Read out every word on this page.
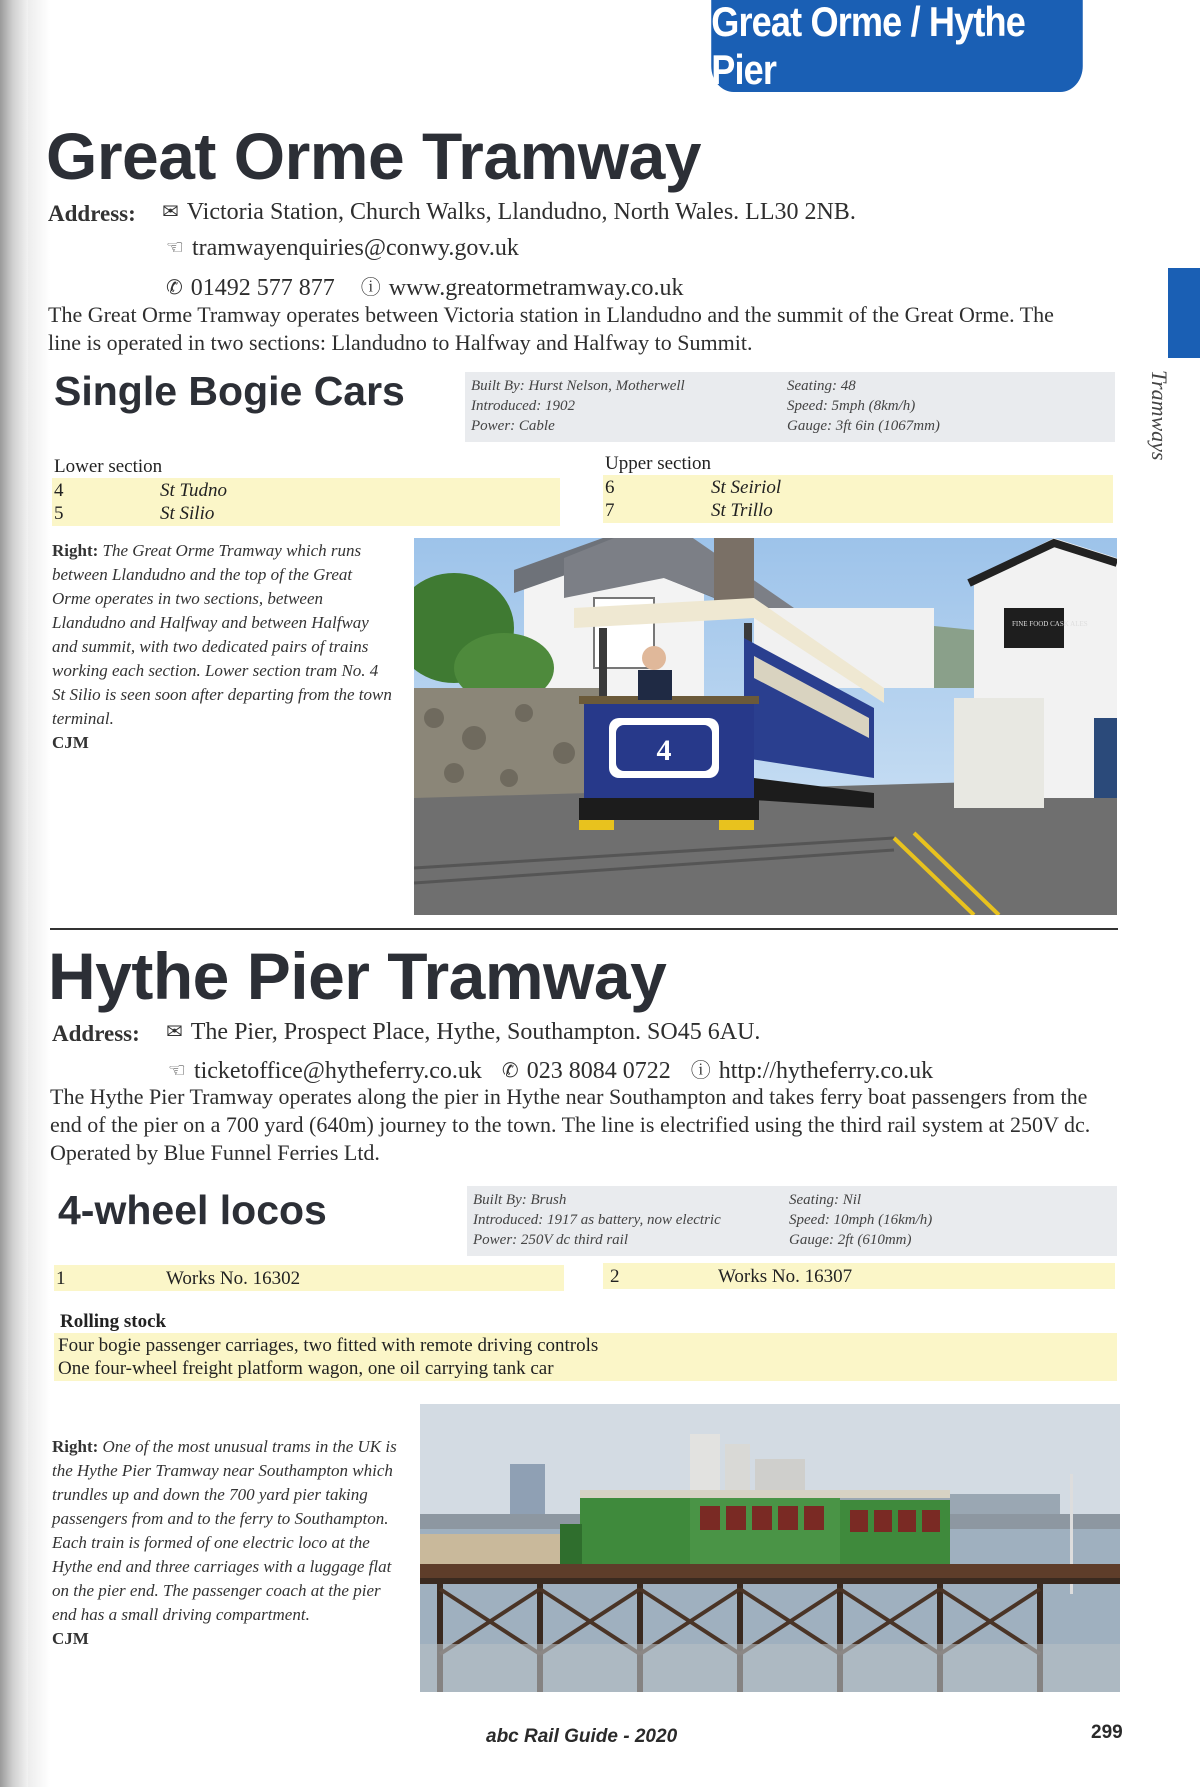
Great Orme / Hythe Pier
Tramways
Great Orme Tramway
Address: ✉ Victoria Station, Church Walks, Llandudno, North Wales. LL30 2NB.
☜ tramwayenquiries@conwy.gov.uk
✆ 01492 577 877 ⓘ www.greatormetramway.co.uk
The Great Orme Tramway operates between Victoria station in Llandudno and the summit of the Great Orme. The line is operated in two sections: Llandudno to Halfway and Halfway to Summit.
Single Bogie Cars	Built By: Hurst Nelson, Motherwell
Introduced: 1902
Power: Cable
Seating: 48
Speed: 5mph (8km/h)
Gauge: 3ft 6in (1067mm)
Lower section
4	St Tudno
5	St Silio
Upper section
6	St Seiriol
7	St Trillo
Right: The Great Orme Tramway which runs between Llandudno and the top of the Great Orme operates in two sections, between Llandudno and Halfway and between Halfway and summit, with two dedicated pairs of trains working each section. Lower section tram No. 4 St Silio is seen soon after departing from the town terminal.
CJM
FINE FOOD CASK ALES
4
Hythe Pier Tramway
Address: ✉ The Pier, Prospect Place, Hythe, Southampton. SO45 6AU.
☜ ticketoffice@hytheferry.co.uk ✆ 023 8084 0722 ⓘ http://hytheferry.co.uk
The Hythe Pier Tramway operates along the pier in Hythe near Southampton and takes ferry boat passengers from the end of the pier on a 700 yard (640m) journey to the town. The line is electrified using the third rail system at 250V dc. Operated by Blue Funnel Ferries Ltd.
4-wheel locos	Built By: Brush
Introduced: 1917 as battery, now electric
Power: 250V dc third rail
Seating: Nil
Speed: 10mph (16km/h)
Gauge: 2ft (610mm)
1	Works No. 16302	2	Works No. 16307
Rolling stock
Four bogie passenger carriages, two fitted with remote driving controls
One four-wheel freight platform wagon, one oil carrying tank car
Right: One of the most unusual trams in the UK is the Hythe Pier Tramway near Southampton which trundles up and down the 700 yard pier taking passengers from and to the ferry to Southampton. Each train is formed of one electric loco at the Hythe end and three carriages with a luggage flat on the pier end. The passenger coach at the pier end has a small driving compartment.
CJM
abc Rail Guide - 2020	299
